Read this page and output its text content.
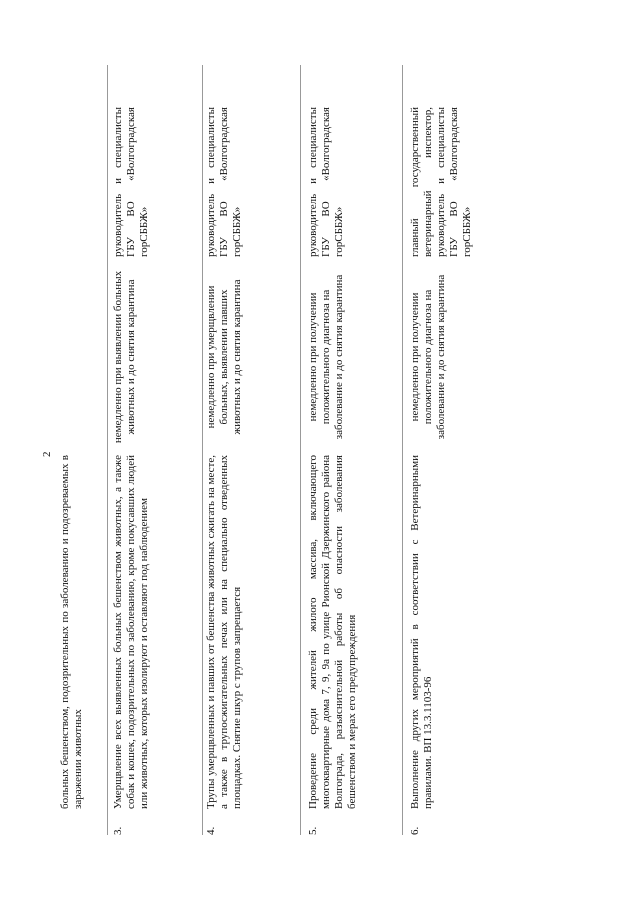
2
больных бешенством, подозрительных по заболеванию и подозреваемых в заражении животных
3.
Умерщвление всех выявленных больных бешенством животных, а также собак и кошек, подозрительных по заболеванию, кроме покусавших людей или животных, которых изолируют и оставляют под наблюдением
немедленно при выявлении больных животных и до снятия карантина
руководитель и специалисты ГБУ ВО «Волгоградская горСББЖ»
4.
Трупы умерщвленных и павших от бешенства животных сжигать на месте, а также в трупосжигательных печах или на специально отведенных площадках. Снятие шкур с трупов запрещается
немедленно при умерщвлении больных, выявлении павших животных и до снятия карантина
руководитель и специалисты ГБУ ВО «Волгоградская горСББЖ»
5.
Проведение среди жителей жилого массива, включающего многоквартирные дома 7, 9, 9а по улице Рионской Дзержинского района Волгограда, разъяснительной работы об опасности заболевания бешенством и мерах его предупреждения
немедленно при получении положительного диагноза на заболевание и до снятия карантина
руководитель и специалисты ГБУ ВО «Волгоградская горСББЖ»
6.
Выполнение других мероприятий в соответствии с Ветеринарными правилами. ВП 13.3.1103-96
немедленно при получении положительного диагноза на заболевание и до снятия карантина
главный государственный ветеринарный инспектор, руководитель и специалисты ГБУ ВО «Волгоградская горСББЖ»
